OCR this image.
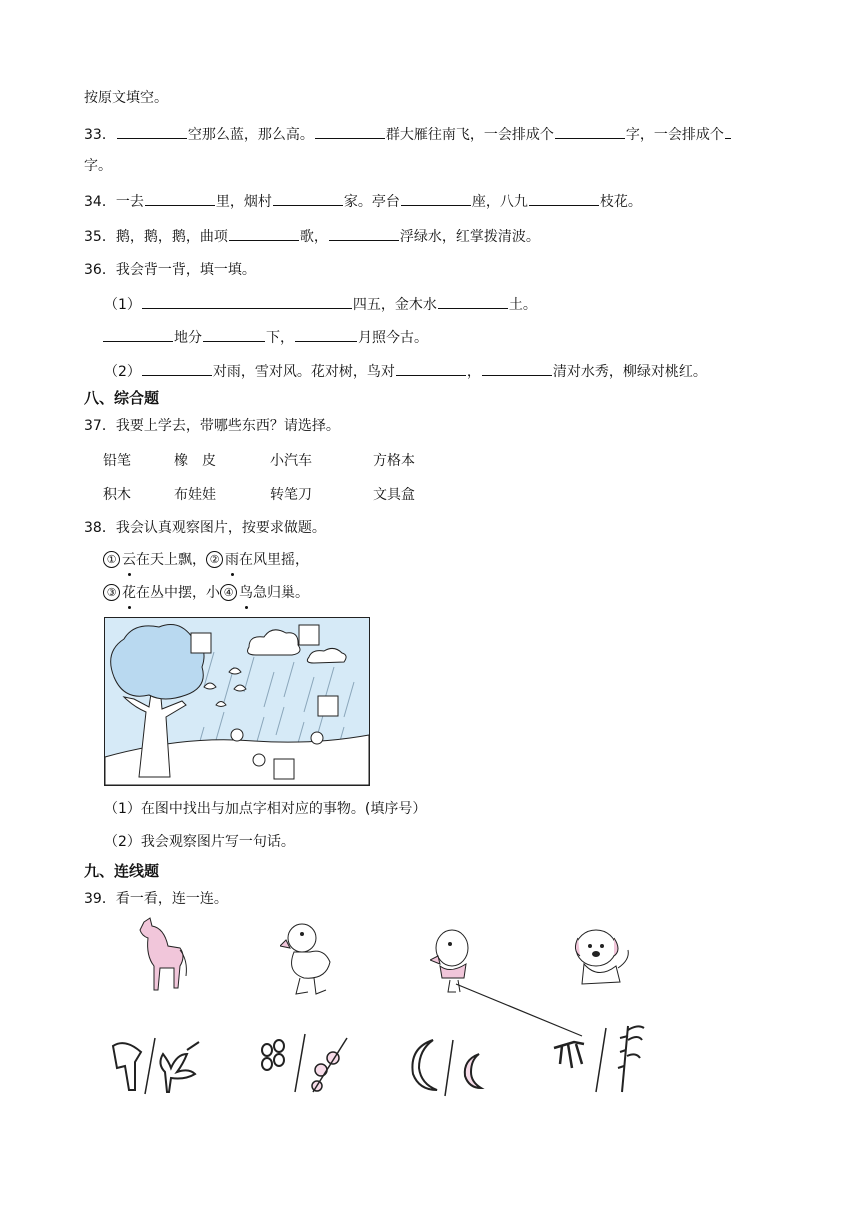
按原文填空。
33．	空那么蓝，那么高。	群大雁往南飞，一会排成个	字，一会排成个
字。
34．一去	里，烟村	家。亭台	座，八九	枝花。
35．鹅，鹅，鹅，曲项	歌，	浮绿水，红掌拨清波。
36．我会背一背，填一填。
（1）	四五，金木水	土。
地分	下，	月照今古。
（2）	对雨，雪对风。花对树，鸟对	，	清对水秀，柳绿对桃红。
八、综合题
37．我要上学去，带哪些东西？请选择。
铅笔	橡　皮	小汽车	方格本
积木	布娃娃	转笔刀	文具盒
38．我会认真观察图片，按要求做题。
① 云在天上飘， ② 雨在风里摇，
③ 花在丛中摆，小 ④ 鸟急归巢。
（1）在图中找出与加点字相对应的事物。(填序号）
（2）我会观察图片写一句话。
九、连线题
39．看一看，连一连。
